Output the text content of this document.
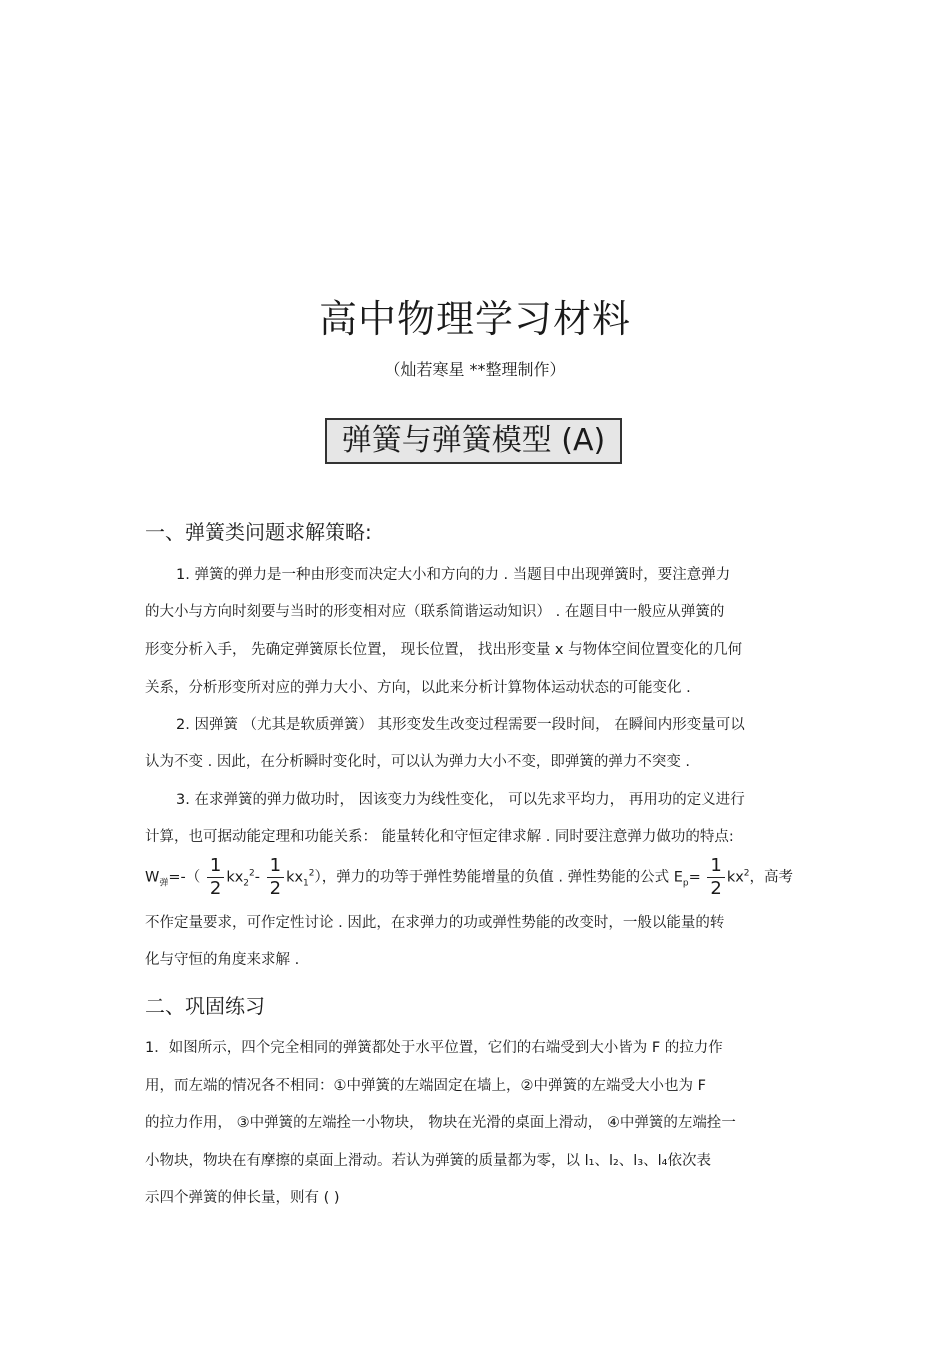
高中物理学习材料
（灿若寒星 **整理制作）
弹簧与弹簧模型 (A)
一、弹簧类问题求解策略:
1. 弹簧的弹力是一种由形变而决定大小和方向的力 . 当题目中出现弹簧时，要注意弹力
的大小与方向时刻要与当时的形变相对应（联系简谐运动知识） . 在题目中一般应从弹簧的
形变分析入手， 先确定弹簧原长位置， 现长位置， 找出形变量 x 与物体空间位置变化的几何
关系，分析形变所对应的弹力大小、方向，以此来分析计算物体运动状态的可能变化 .
2. 因弹簧 （尤其是软质弹簧） 其形变发生改变过程需要一段时间， 在瞬间内形变量可以
认为不变 . 因此，在分析瞬时变化时，可以认为弹力大小不变，即弹簧的弹力不突变 .
3. 在求弹簧的弹力做功时， 因该变力为线性变化， 可以先求平均力， 再用功的定义进行
计算，也可据动能定理和功能关系： 能量转化和守恒定律求解 . 同时要注意弹力做功的特点:
$W_弹=-( \frac{1}{2} kx_2^2- \frac{1}{2} kx_1^2)$，弹力的功等于弹性势能增量的负值 . 弹性势能的公式 $E_p= \frac{1}{2} kx^2$，高考
不作定量要求，可作定性讨论 . 因此，在求弹力的功或弹性势能的改变时，一般以能量的转
化与守恒的角度来求解 .
二、巩固练习
1．如图所示，四个完全相同的弹簧都处于水平位置，它们的右端受到大小皆为 F 的拉力作
用，而左端的情况各不相同：①中弹簧的左端固定在墙上，②中弹簧的左端受大小也为 F
的拉力作用， ③中弹簧的左端拴一小物块， 物块在光滑的桌面上滑动， ④中弹簧的左端拴一
小物块，物块在有摩擦的桌面上滑动。若认为弹簧的质量都为零，以 l₁、l₂、l₃、l₄依次表
示四个弹簧的伸长量，则有 ( )
